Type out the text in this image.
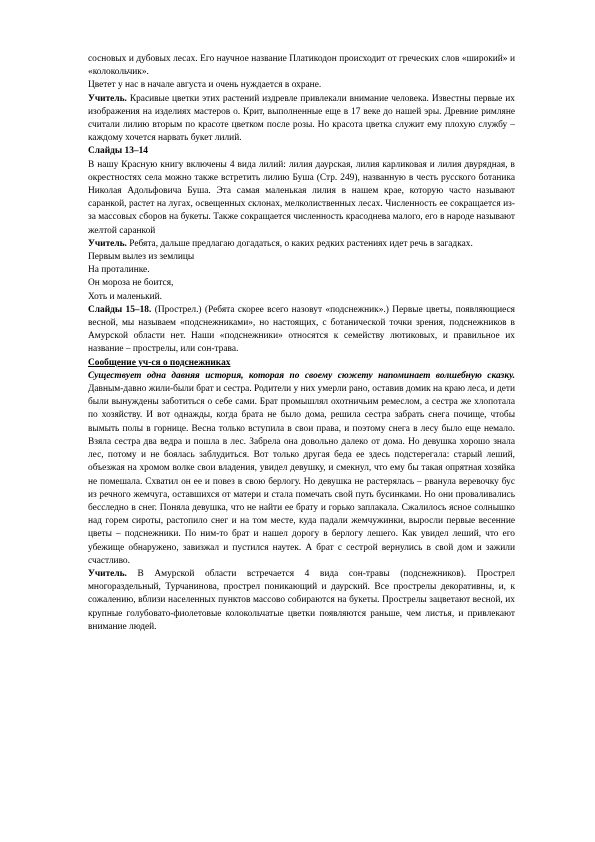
сосновых и дубовых лесах. Его научное название Платикодон происходит от греческих слов «широкий» и «колокольчик».

Цветет у нас в начале августа и очень нуждается в охране.

Учитель. Красивые цветки этих растений издревле привлекали внимание человека. Известны первые их изображения на изделиях мастеров о. Крит, выполненные еще в 17 веке до нашей эры. Древние римляне считали лилию вторым по красоте цветком после розы. Но красота цветка служит ему плохую службу – каждому хочется нарвать букет лилий.

Слайды 13–14

В нашу Красную книгу включены 4 вида лилий: лилия даурская, лилия карликовая и лилия двурядная, в окрестностях села можно также встретить лилию Буша (Стр. 249), названную в честь русского ботаника Николая Адольфовича Буша. Эта самая маленькая лилия в нашем крае, которую часто называют саранкой, растет на лугах, освещенных склонах, мелколиственных лесах. Численность ее сокращается из-за массовых сборов на букеты. Также сокращается численность красоднева малого, его в народе называют желтой саранкой

Учитель. Ребята, дальше предлагаю догадаться, о каких редких растениях идет речь в загадках.

Первым вылез из землицы

На проталинке.

Он мороза не боится,

Хоть и маленький.

Слайды 15–18. (Прострел.) (Ребята скорее всего назовут «подснежник».) Первые цветы, появляющиеся весной, мы называем «подснежниками», но настоящих, с ботанической точки зрения, подснежников в Амурской области нет. Наши «подснежники» относятся к семейству лютиковых, и правильное их название – прострелы, или сон-трава.

Сообщение уч-ся о подснежниках

Существует одна давняя история, которая по своему сюжету напоминает волшебную сказку. Давным-давно жили-были брат и сестра. Родители у них умерли рано, оставив домик на краю леса, и дети были вынуждены заботиться о себе сами. Брат промышлял охотничьим ремеслом, а сестра же хлопотала по хозяйству. И вот однажды, когда брата не было дома, решила сестра забрать снега почище, чтобы вымыть полы в горнице. Весна только вступила в свои права, и поэтому снега в лесу было еще немало. Взяла сестра два ведра и пошла в лес. Забрела она довольно далеко от дома. Но девушка хорошо знала лес, потому и не боялась заблудиться. Вот только другая беда ее здесь подстерегала: старый леший, объезжая на хромом волке свои владения, увидел девушку, и смекнул, что ему бы такая опрятная хозяйка не помешала. Схватил он ее и повез в свою берлогу. Но девушка не растерялась – рванула веревочку бус из речного жемчуга, оставшихся от матери и стала помечать свой путь бусинками. Но они проваливались бесследно в снег. Поняла девушка, что не найти ее брату и горько заплакала. Сжалилось ясное солнышко над горем сироты, растопило снег и на том месте, куда падали жемчужинки, выросли первые весенние цветы – подснежники. По ним-то брат и нашел дорогу в берлогу лешего. Как увидел леший, что его убежище обнаружено, завизжал и пустился наутек. А брат с сестрой вернулись в свой дом и зажили счастливо.

Учитель. В Амурской области встречается 4 вида сон-травы (подснежников). Прострел многораздельный, Турчанинова, прострел поникающий и даурский. Все прострелы декоративны, и, к сожалению, вблизи населенных пунктов массово собираются на букеты. Прострелы зацветают весной, их крупные голубовато-фиолетовые колокольчатые цветки появляются раньше, чем листья, и привлекают внимание людей.
